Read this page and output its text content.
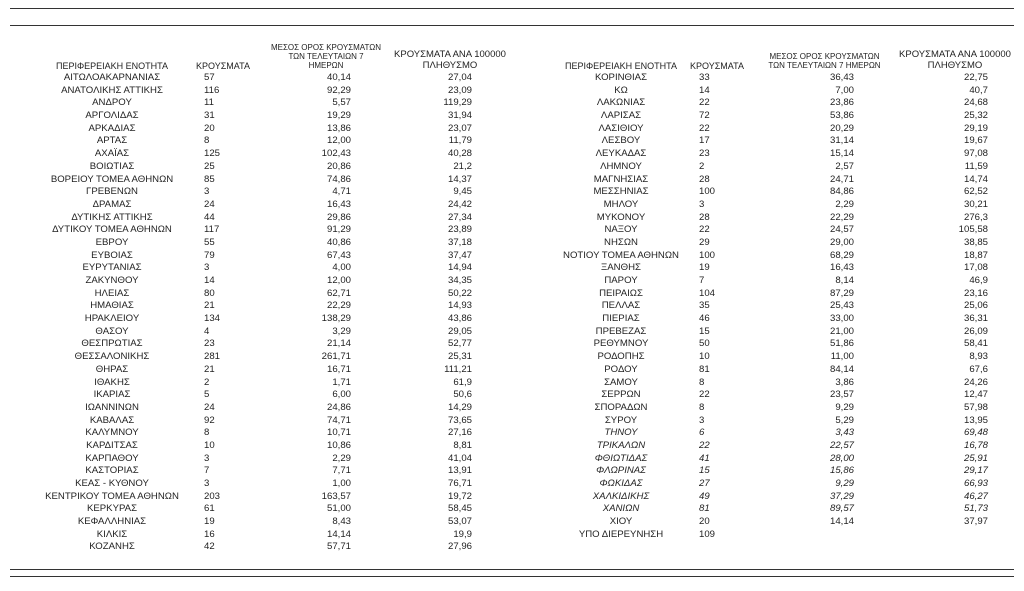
ΠΕΡΙΦΕΡΕΙΑΚΗ ΕΝΟΤΗΤΑ	ΚΡΟΥΣΜΑΤΑ
ΜΕΣΟΣ ΟΡΟΣ ΚΡΟΥΣΜΑΤΩΝ
ΤΩΝ ΤΕΛΕΥΤΑΙΩΝ 7 ΗΜΕΡΩΝ
ΚΡΟΥΣΜΑΤΑ ΑΝΑ 100000
ΠΛΗΘΥΣΜΟ
ΑΙΤΩΛΟΑΚΑΡΝΑΝΙΑΣ	57	40,14	27,04
ΑΝΑΤΟΛΙΚΗΣ ΑΤΤΙΚΗΣ	116	92,29	23,09
ΑΝΔΡΟΥ	11	5,57	119,29
ΑΡΓΟΛΙΔΑΣ	31	19,29	31,94
ΑΡΚΑΔΙΑΣ	20	13,86	23,07
ΑΡΤΑΣ	8	12,00	11,79
ΑΧΑΪΑΣ	125	102,43	40,28
ΒΟΙΩΤΙΑΣ	25	20,86	21,2
ΒΟΡΕΙΟΥ ΤΟΜΕΑ ΑΘΗΝΩΝ	85	74,86	14,37
ΓΡΕΒΕΝΩΝ	3	4,71	9,45
ΔΡΑΜΑΣ	24	16,43	24,42
ΔΥΤΙΚΗΣ ΑΤΤΙΚΗΣ	44	29,86	27,34
ΔΥΤΙΚΟΥ ΤΟΜΕΑ ΑΘΗΝΩΝ	117	91,29	23,89
ΕΒΡΟΥ	55	40,86	37,18
ΕΥΒΟΙΑΣ	79	67,43	37,47
ΕΥΡΥΤΑΝΙΑΣ	3	4,00	14,94
ΖΑΚΥΝΘΟΥ	14	12,00	34,35
ΗΛΕΙΑΣ	80	62,71	50,22
ΗΜΑΘΙΑΣ	21	22,29	14,93
ΗΡΑΚΛΕΙΟΥ	134	138,29	43,86
ΘΑΣΟΥ	4	3,29	29,05
ΘΕΣΠΡΩΤΙΑΣ	23	21,14	52,77
ΘΕΣΣΑΛΟΝΙΚΗΣ	281	261,71	25,31
ΘΗΡΑΣ	21	16,71	111,21
ΙΘΑΚΗΣ	2	1,71	61,9
ΙΚΑΡΙΑΣ	5	6,00	50,6
ΙΩΑΝΝΙΝΩΝ	24	24,86	14,29
ΚΑΒΑΛΑΣ	92	74,71	73,65
ΚΑΛΥΜΝΟΥ	8	10,71	27,16
ΚΑΡΔΙΤΣΑΣ	10	10,86	8,81
ΚΑΡΠΑΘΟΥ	3	2,29	41,04
ΚΑΣΤΟΡΙΑΣ	7	7,71	13,91
ΚΕΑΣ - ΚΥΘΝΟΥ	3	1,00	76,71
ΚΕΝΤΡΙΚΟΥ ΤΟΜΕΑ ΑΘΗΝΩΝ	203	163,57	19,72
ΚΕΡΚΥΡΑΣ	61	51,00	58,45
ΚΕΦΑΛΛΗΝΙΑΣ	19	8,43	53,07
ΚΙΛΚΙΣ	16	14,14	19,9
ΚΟΖΑΝΗΣ	42	57,71	27,96
ΠΕΡΙΦΕΡΕΙΑΚΗ ΕΝΟΤΗΤΑ	ΚΡΟΥΣΜΑΤΑ
ΜΕΣΟΣ ΟΡΟΣ ΚΡΟΥΣΜΑΤΩΝ
ΤΩΝ ΤΕΛΕΥΤΑΙΩΝ 7 ΗΜΕΡΩΝ
ΚΡΟΥΣΜΑΤΑ ΑΝΑ 100000
ΠΛΗΘΥΣΜΟ
ΚΟΡΙΝΘΙΑΣ	33	36,43	22,75
ΚΩ	14	7,00	40,7
ΛΑΚΩΝΙΑΣ	22	23,86	24,68
ΛΑΡΙΣΑΣ	72	53,86	25,32
ΛΑΣΙΘΙΟΥ	22	20,29	29,19
ΛΕΣΒΟΥ	17	31,14	19,67
ΛΕΥΚΑΔΑΣ	23	15,14	97,08
ΛΗΜΝΟΥ	2	2,57	11,59
ΜΑΓΝΗΣΙΑΣ	28	24,71	14,74
ΜΕΣΣΗΝΙΑΣ	100	84,86	62,52
ΜΗΛΟΥ	3	2,29	30,21
ΜΥΚΟΝΟΥ	28	22,29	276,3
ΝΑΞΟΥ	22	24,57	105,58
ΝΗΣΩΝ	29	29,00	38,85
ΝΟΤΙΟΥ ΤΟΜΕΑ ΑΘΗΝΩΝ	100	68,29	18,87
ΞΑΝΘΗΣ	19	16,43	17,08
ΠΑΡΟΥ	7	8,14	46,9
ΠΕΙΡΑΙΩΣ	104	87,29	23,16
ΠΕΛΛΑΣ	35	25,43	25,06
ΠΙΕΡΙΑΣ	46	33,00	36,31
ΠΡΕΒΕΖΑΣ	15	21,00	26,09
ΡΕΘΥΜΝΟΥ	50	51,86	58,41
ΡΟΔΟΠΗΣ	10	11,00	8,93
ΡΟΔΟΥ	81	84,14	67,6
ΣΑΜΟΥ	8	3,86	24,26
ΣΕΡΡΩΝ	22	23,57	12,47
ΣΠΟΡΑΔΩΝ	8	9,29	57,98
ΣΥΡΟΥ	3	5,29	13,95
ΤΗΝΟΥ	6	3,43	69,48
ΤΡΙΚΑΛΩΝ	22	22,57	16,78
ΦΘΙΩΤΙΔΑΣ	41	28,00	25,91
ΦΛΩΡΙΝΑΣ	15	15,86	29,17
ΦΩΚΙΔΑΣ	27	9,29	66,93
ΧΑΛΚΙΔΙΚΗΣ	49	37,29	46,27
ΧΑΝΙΩΝ	81	89,57	51,73
ΧΙΟΥ	20	14,14	37,97
ΥΠΟ ΔΙΕΡΕΥΝΗΣΗ	109
